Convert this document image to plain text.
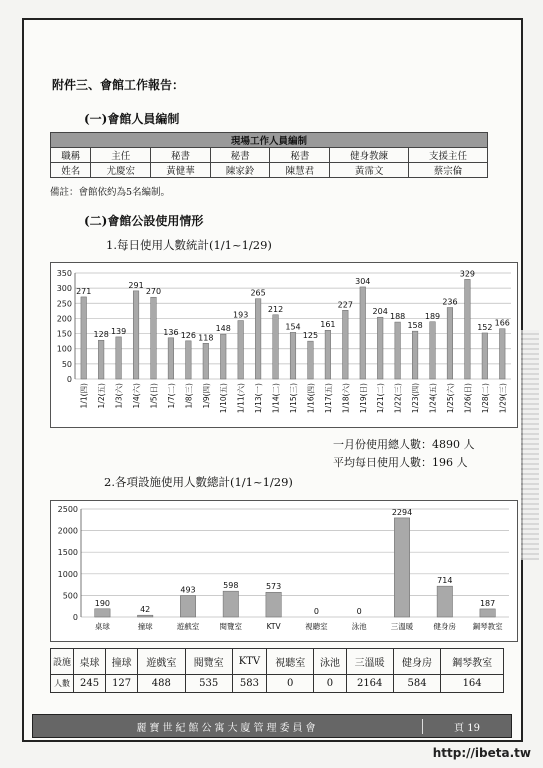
附件三、會館工作報告：
(一)會館人員編制
現場工作人員編制						
職稱	主任	秘書	秘書	秘書	健身教練	支援主任
姓名	尤慶宏	黃健華	陳家鈴	陳慧君	黃霈文	蔡宗倫
備註：會館依約為5名編制。
(二)會館公設使用情形
1.每日使用人數統計(1/1~1/29)
0
50
100
150
200
250
300
350
271
1/1(四)
128
1/2(五)
139
1/3(六)
291
1/4(六)
270
1/5(日)
136
1/7(二)
126
1/8(三)
118
1/9(四)
148
1/10(五)
193
1/11(六)
265
1/13(一)
212
1/14(二)
154
1/15(三)
125
1/16(四)
161
1/17(五)
227
1/18(六)
304
1/19(日)
204
1/21(二)
188
1/22(三)
158
1/23(四)
189
1/24(五)
236
1/25(六)
329
1/26(日)
152
1/28(二)
166
1/29(三)
一月份使用總人數：4890 人
平均每日使用人數：196 人
2.各項設施使用人數總計(1/1~1/29)
0
500
1000
1500
2000
2500
190
桌球
42
撞球
493
遊戲室
598
閱覽室
573
KTV
0
視聽室
0
泳池
2294
三溫暖
714
健身房
187
鋼琴教室
設施	桌球	撞球	遊戲室	閱覽室	KTV	視聽室	泳池	三溫暖	健身房	鋼琴教室
人數	245	127	488	535	583	0	0	2164	584	164
麗寶世紀館公寓大廈管理委員會	頁 19
http://ibeta.tw
